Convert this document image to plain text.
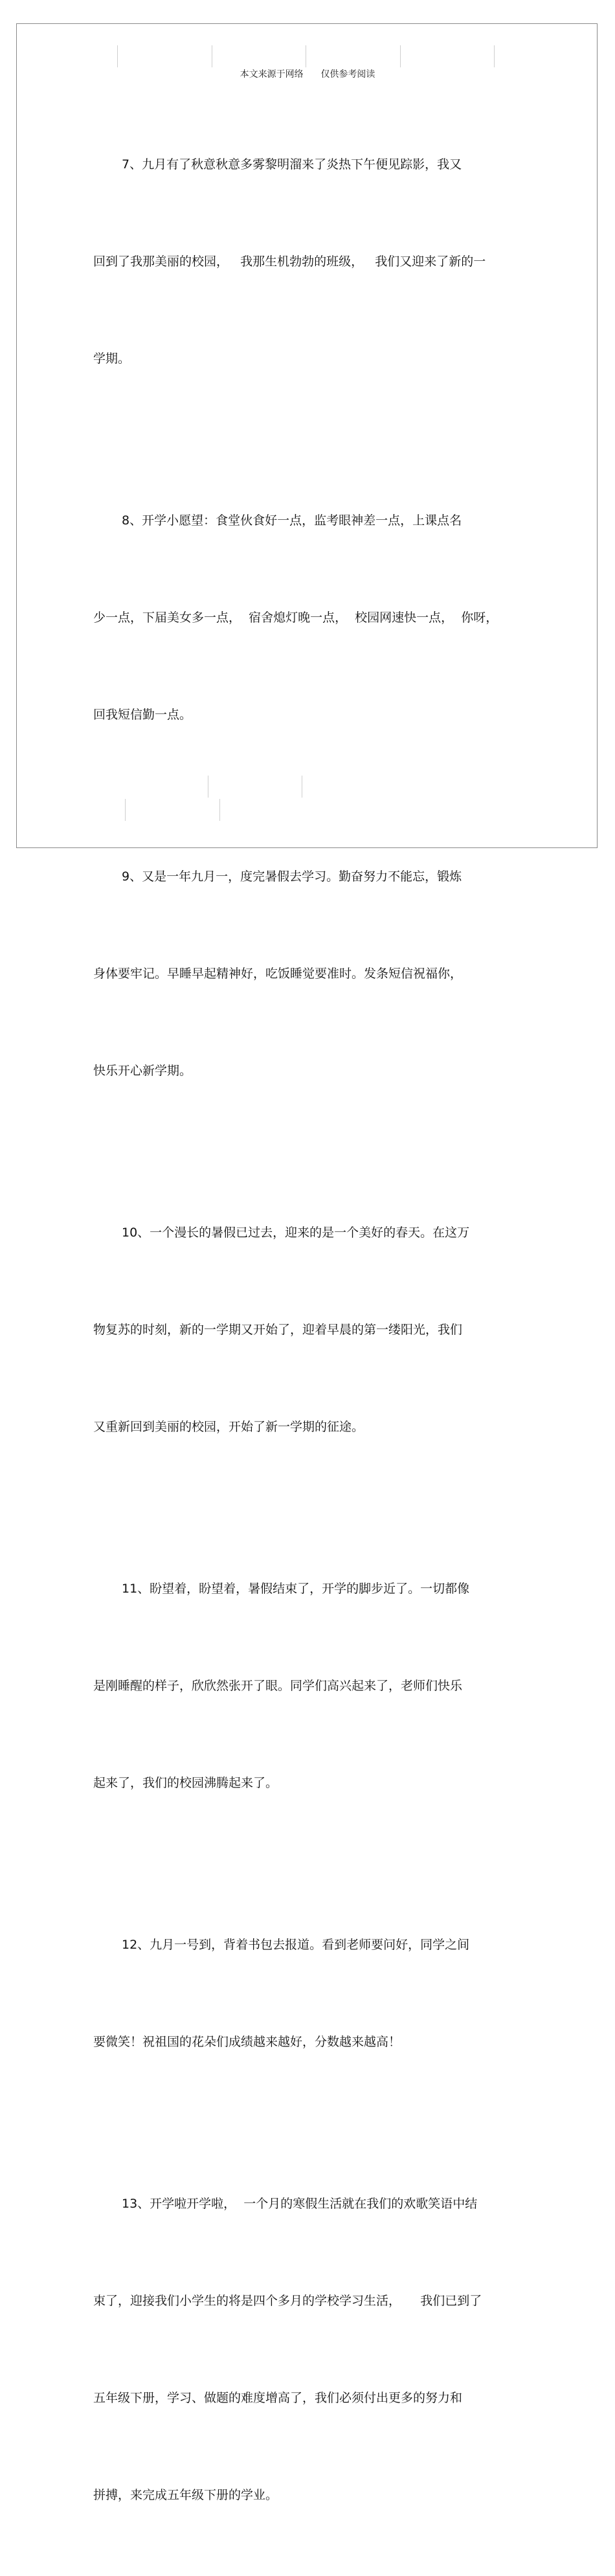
本文来源于网络      仅供参考阅读

7、九月有了秋意秋意多雾黎明溜来了炎热下午便见踪影，我又

回到了我那美丽的校园，   我那生机勃勃的班级，   我们又迎来了新的一

学期。

8、开学小愿望：食堂伙食好一点，监考眼神差一点，上课点名

少一点，下届美女多一点，  宿舍熄灯晚一点，  校园网速快一点，  你呀，

回我短信勤一点。

9、又是一年九月一，度完暑假去学习。勤奋努力不能忘，锻炼

身体要牢记。早睡早起精神好，吃饭睡觉要准时。发条短信祝福你，

快乐开心新学期。

10、一个漫长的暑假已过去，迎来的是一个美好的春天。在这万

物复苏的时刻，新的一学期又开始了，迎着早晨的第一缕阳光，我们

又重新回到美丽的校园，开始了新一学期的征途。

11、盼望着，盼望着，暑假结束了，开学的脚步近了。一切都像

是刚睡醒的样子，欣欣然张开了眼。同学们高兴起来了，老师们快乐

起来了，我们的校园沸腾起来了。

12、九月一号到，背着书包去报道。看到老师要问好，同学之间

要微笑！祝祖国的花朵们成绩越来越好，分数越来越高！

13、开学啦开学啦，  一个月的寒假生活就在我们的欢歌笑语中结

束了，迎接我们小学生的将是四个多月的学校学习生活，     我们已到了

五年级下册，学习、做题的难度增高了，我们必须付出更多的努力和

拼搏，来完成五年级下册的学业。
